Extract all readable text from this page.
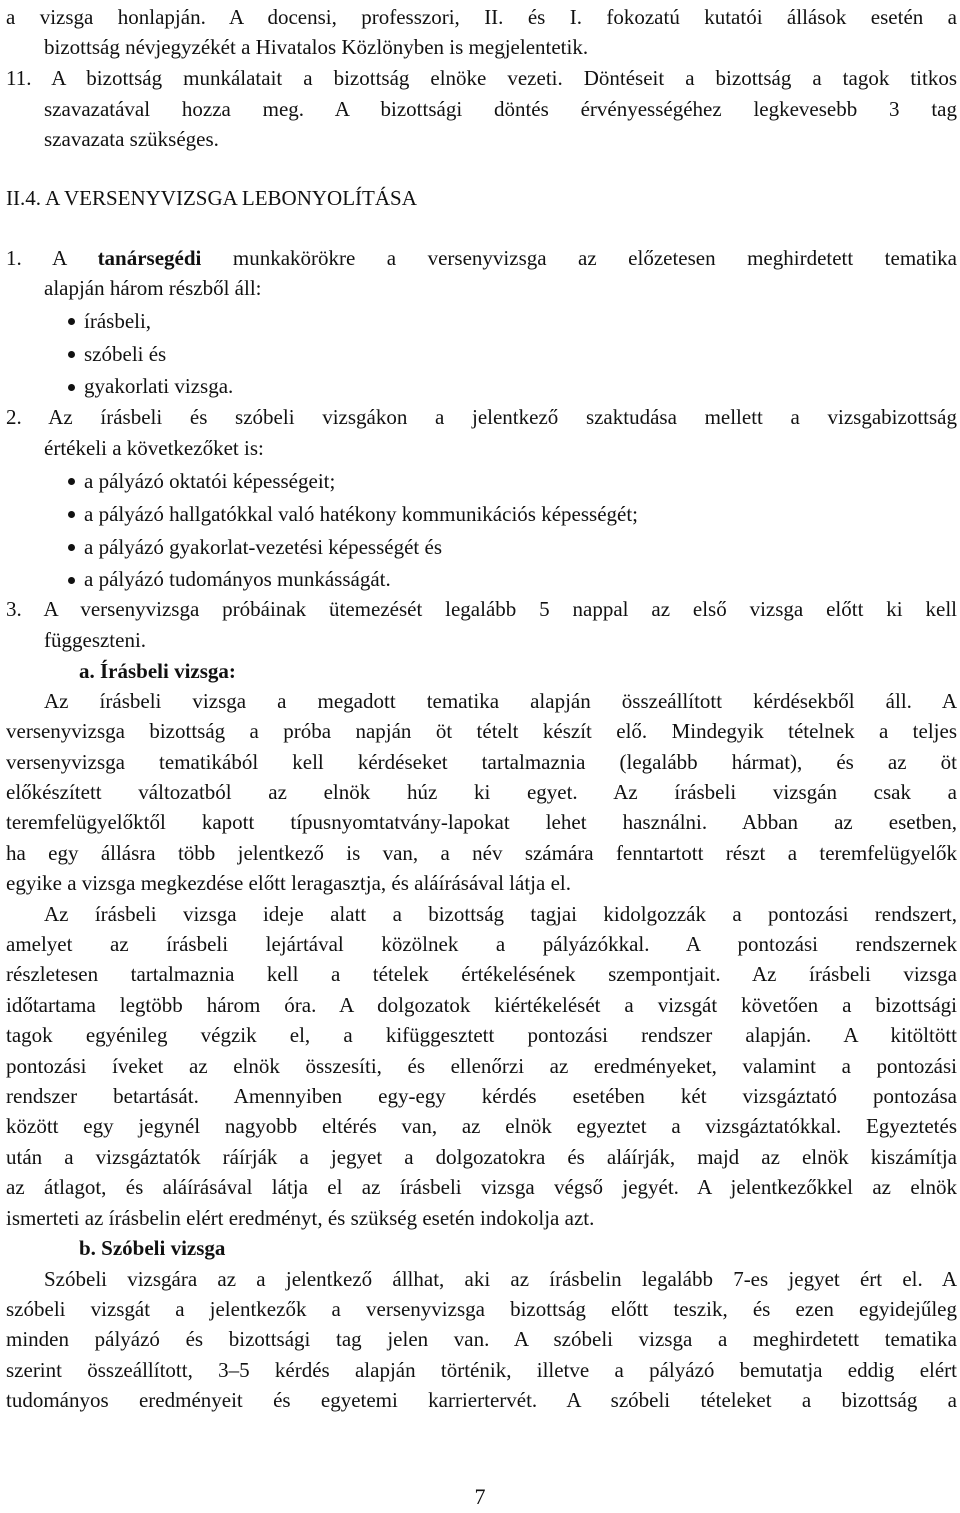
a vizsga honlapján. A docensi, professzori, II. és I. fokozatú kutatói állások esetén a
bizottság névjegyzékét a Hivatalos Közlönyben is megjelentetik.
11. A bizottság munkálatait a bizottság elnöke vezeti. Döntéseit a bizottság a tagok titkos
szavazatával hozza meg. A bizottsági döntés érvényességéhez legkevesebb 3 tag
szavazata szükséges.
II.4. A VERSENYVIZSGA LEBONYOLÍTÁSA
1. A tanársegédi munkakörökre a versenyvizsga az előzetesen meghirdetett tematika
alapján három részből áll:
írásbeli,
szóbeli és
gyakorlati vizsga.
2. Az írásbeli és szóbeli vizsgákon a jelentkező szaktudása mellett a vizsgabizottság
értékeli a következőket is:
a pályázó oktatói képességeit;
a pályázó hallgatókkal való hatékony kommunikációs képességét;
a pályázó gyakorlat-vezetési képességét és
a pályázó tudományos munkásságát.
3. A versenyvizsga próbáinak ütemezését legalább 5 nappal az első vizsga előtt ki kell
függeszteni.
a. Írásbeli vizsga:
Az írásbeli vizsga a megadott tematika alapján összeállított kérdésekből áll. A
versenyvizsga bizottság a próba napján öt tételt készít elő. Mindegyik tételnek a teljes
versenyvizsga tematikából kell kérdéseket tartalmaznia (legalább hármat), és az öt
előkészített változatból az elnök húz ki egyet. Az írásbeli vizsgán csak a
teremfelügyelőktől kapott típusnyomtatvány-lapokat lehet használni. Abban az esetben,
ha egy állásra több jelentkező is van, a név számára fenntartott részt a teremfelügyelők
egyike a vizsga megkezdése előtt leragasztja, és aláírásával látja el.
Az írásbeli vizsga ideje alatt a bizottság tagjai kidolgozzák a pontozási rendszert,
amelyet az írásbeli lejártával közölnek a pályázókkal. A pontozási rendszernek
részletesen tartalmaznia kell a tételek értékelésének szempontjait. Az írásbeli vizsga
időtartama legtöbb három óra. A dolgozatok kiértékelését a vizsgát követően a bizottsági
tagok egyénileg végzik el, a kifüggesztett pontozási rendszer alapján. A kitöltött
pontozási íveket az elnök összesíti, és ellenőrzi az eredményeket, valamint a pontozási
rendszer betartását. Amennyiben egy-egy kérdés esetében két vizsgáztató pontozása
között egy jegynél nagyobb eltérés van, az elnök egyeztet a vizsgáztatókkal. Egyeztetés
után a vizsgáztatók ráírják a jegyet a dolgozatokra és aláírják, majd az elnök kiszámítja
az átlagot, és aláírásával látja el az írásbeli vizsga végső jegyét. A jelentkezőkkel az elnök
ismerteti az írásbelin elért eredményt, és szükség esetén indokolja azt.
b. Szóbeli vizsga
Szóbeli vizsgára az a jelentkező állhat, aki az írásbelin legalább 7-es jegyet ért el. A
szóbeli vizsgát a jelentkezők a versenyvizsga bizottság előtt teszik, és ezen egyidejűleg
minden pályázó és bizottsági tag jelen van. A szóbeli vizsga a meghirdetett tematika
szerint összeállított, 3–5 kérdés alapján történik, illetve a pályázó bemutatja eddig elért
tudományos eredményeit és egyetemi karriertervét. A szóbeli tételeket a bizottság a
7
